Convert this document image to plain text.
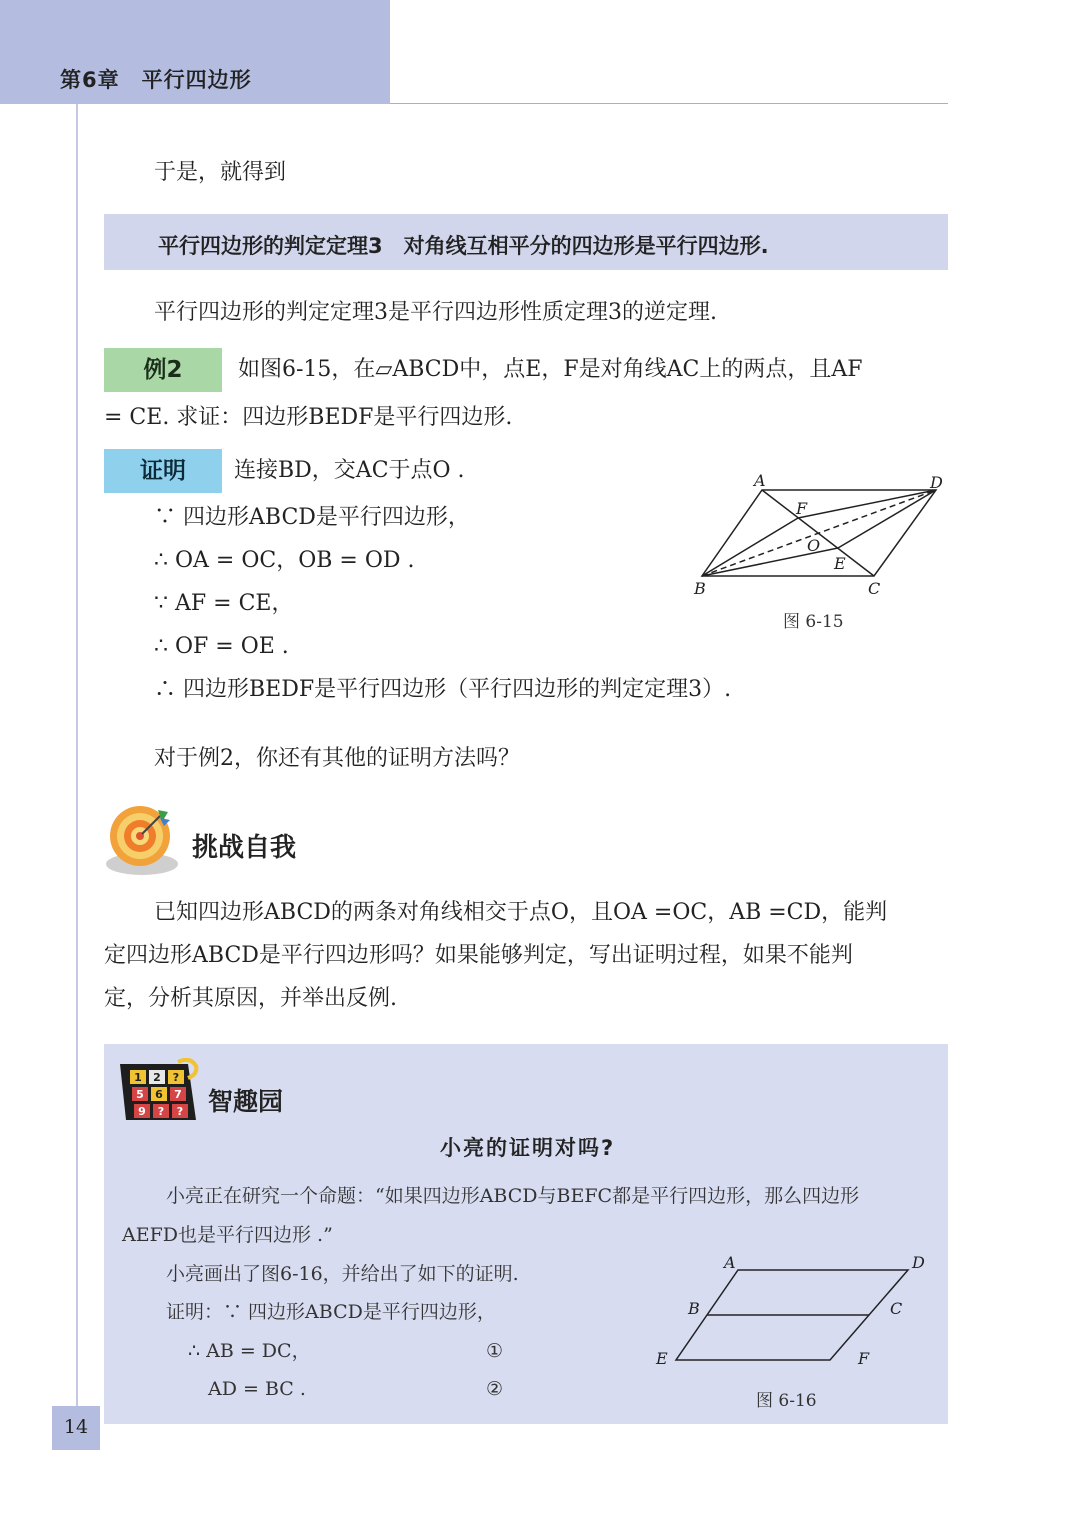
第6章　平行四边形
于是，就得到
平行四边形的判定定理3　对角线互相平分的四边形是平行四边形.
平行四边形的判定定理3是平行四边形性质定理3的逆定理.
例2	如图6-15，在▱ABCD中，点E，F是对角线AC上的两点，且AF
= CE. 求证：四边形BEDF是平行四边形.
证明	连接BD，交AC于点O .
∵ 四边形ABCD是平行四边形，
∴ OA = OC，OB = OD .
∵ AF = CE，
∴ OF = OE .
∴ 四边形BEDF是平行四边形（平行四边形的判定定理3）.
A	D
B	C
F
O
E
图 6-15
对于例2，你还有其他的证明方法吗？
挑战自我
已知四边形ABCD的两条对角线相交于点O，且OA =OC，AB =CD，能判
定四边形ABCD是平行四边形吗？如果能够判定，写出证明过程，如果不能判
定，分析其原因，并举出反例.
1 2 ?
5 6 7
9 ? ? 智趣园
小亮的证明对吗?
小亮正在研究一个命题：“如果四边形ABCD与BEFC都是平行四边形，那么四边形
AEFD也是平行四边形 .”
小亮画出了图6-16，并给出了如下的证明.
证明：∵ 四边形ABCD是平行四边形，
∴ AB = DC，
AD = BC .
①
②
A	D
B	C
E	F
图 6-16
14
